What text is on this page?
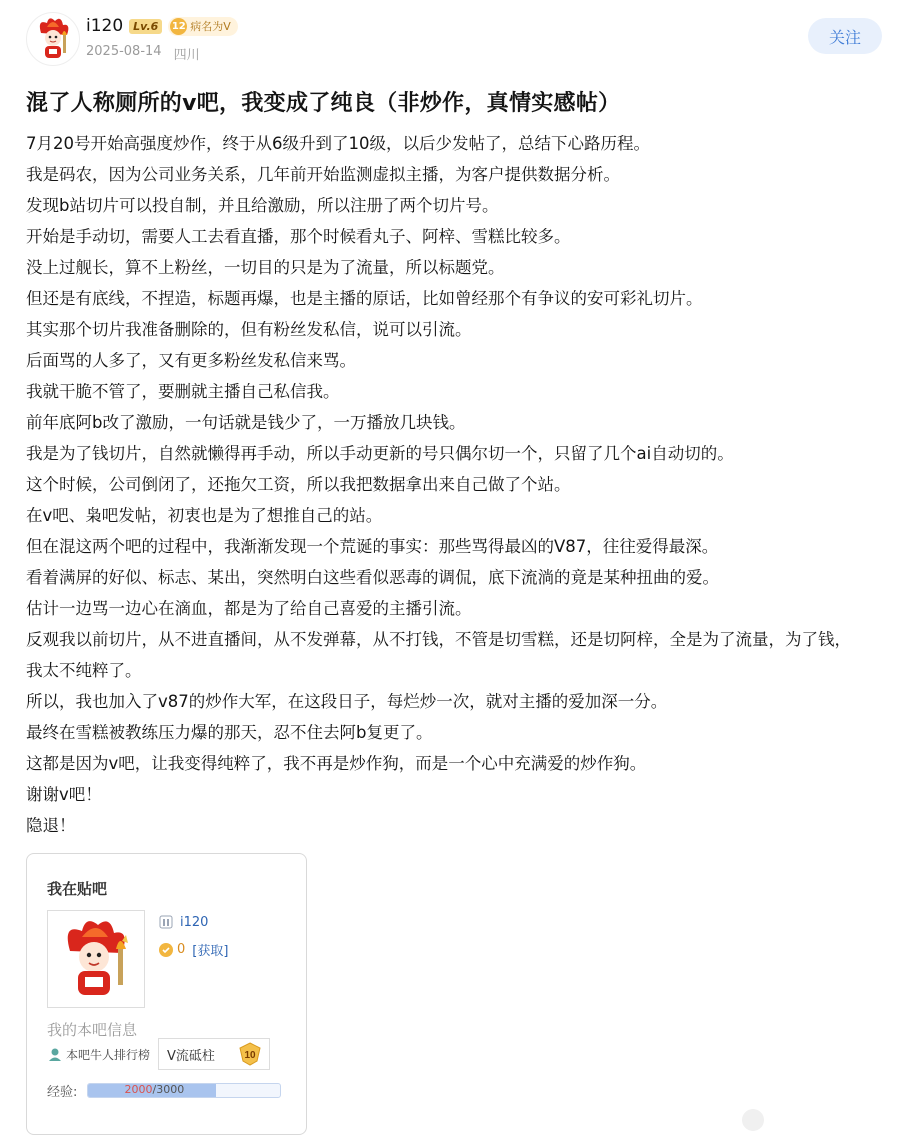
i120 Lv.6	12 病名为V
2025-08-14 四川
关注
混了人称厕所的v吧，我变成了纯良（非炒作，真情实感帖）

7月20号开始高强度炒作，终于从6级升到了10级，以后少发帖了，总结下心路历程。

我是码农，因为公司业务关系，几年前开始监测虚拟主播，为客户提供数据分析。

发现b站切片可以投自制，并且给激励，所以注册了两个切片号。

开始是手动切，需要人工去看直播，那个时候看丸子、阿梓、雪糕比较多。

没上过舰长，算不上粉丝，一切目的只是为了流量，所以标题党。

但还是有底线，不捏造，标题再爆，也是主播的原话，比如曾经那个有争议的安可彩礼切片。

其实那个切片我准备删除的，但有粉丝发私信，说可以引流。

后面骂的人多了，又有更多粉丝发私信来骂。

我就干脆不管了，要删就主播自己私信我。

前年底阿b改了激励，一句话就是钱少了，一万播放几块钱。

我是为了钱切片，自然就懒得再手动，所以手动更新的号只偶尔切一个，只留了几个ai自动切的。

这个时候，公司倒闭了，还拖欠工资，所以我把数据拿出来自己做了个站。

在v吧、枭吧发帖，初衷也是为了想推自己的站。

但在混这两个吧的过程中，我渐渐发现一个荒诞的事实：那些骂得最凶的V87，往往爱得最深。

看着满屏的好似、标志、某出，突然明白这些看似恶毒的调侃，底下流淌的竟是某种扭曲的爱。

估计一边骂一边心在滴血，都是为了给自己喜爱的主播引流。

反观我以前切片，从不进直播间，从不发弹幕，从不打钱，不管是切雪糕，还是切阿梓，全是为了流量，为了钱，我太不纯粹了。

所以，我也加入了v87的炒作大军，在这段日子，每烂炒一次，就对主播的爱加深一分。

最终在雪糕被教练压力爆的那天，忍不住去阿b复更了。

这都是因为v吧，让我变得纯粹了，我不再是炒作狗，而是一个心中充满爱的炒作狗。

谢谢v吧！

隐退！

我在贴吧
i120
0 [获取]
我的本吧信息
本吧牛人排行榜 V流砥柱	10
经验:	2000/3000
